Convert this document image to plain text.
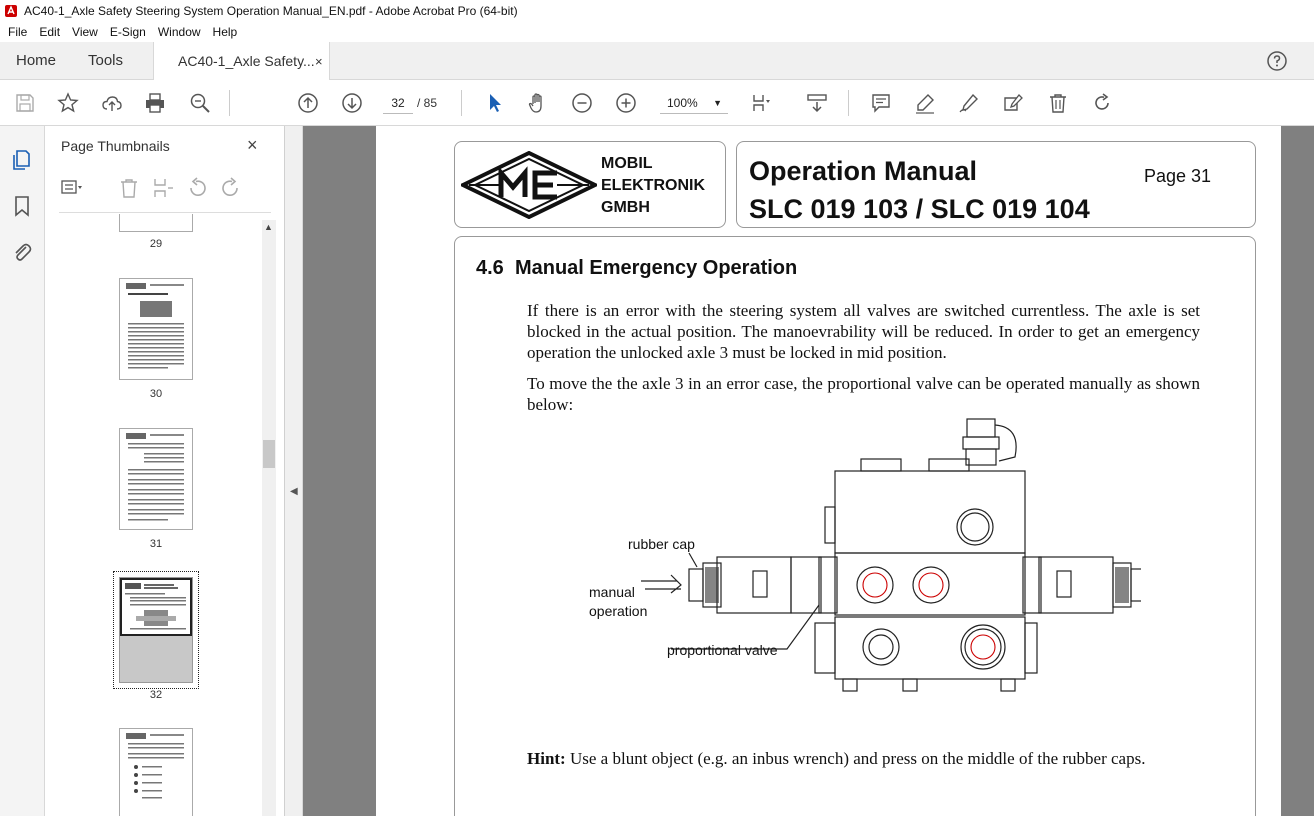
AC40-1_Axle Safety Steering System Operation Manual_EN.pdf - Adobe Acrobat Pro (64-bit)
File	Edit	View	E-Sign	Window	Help
Home Tools	AC40-1_Axle Safety... ×
32	/ 85	100% ▼
Page Thumbnails	×
29
30
31
32
▲
◀
MOBIL
ELEKTRONIK
GMBH
Operation Manual
SLC 019 103 / SLC 019 104
Page 31
4.6 Manual Emergency Operation
If there is an error with the steering system all valves are switched currentless. The axle is set blocked in the actual position. The manoevrability will be reduced. In order to get an emergency operation the unlocked axle 3 must be locked in mid position.
To move the the axle 3 in an error case, the proportional valve can be operated manually as shown below:
rubber cap
manual
operation
proportional valve
Hint: Use a blunt object (e.g. an inbus wrench) and press on the middle of the rubber caps.
